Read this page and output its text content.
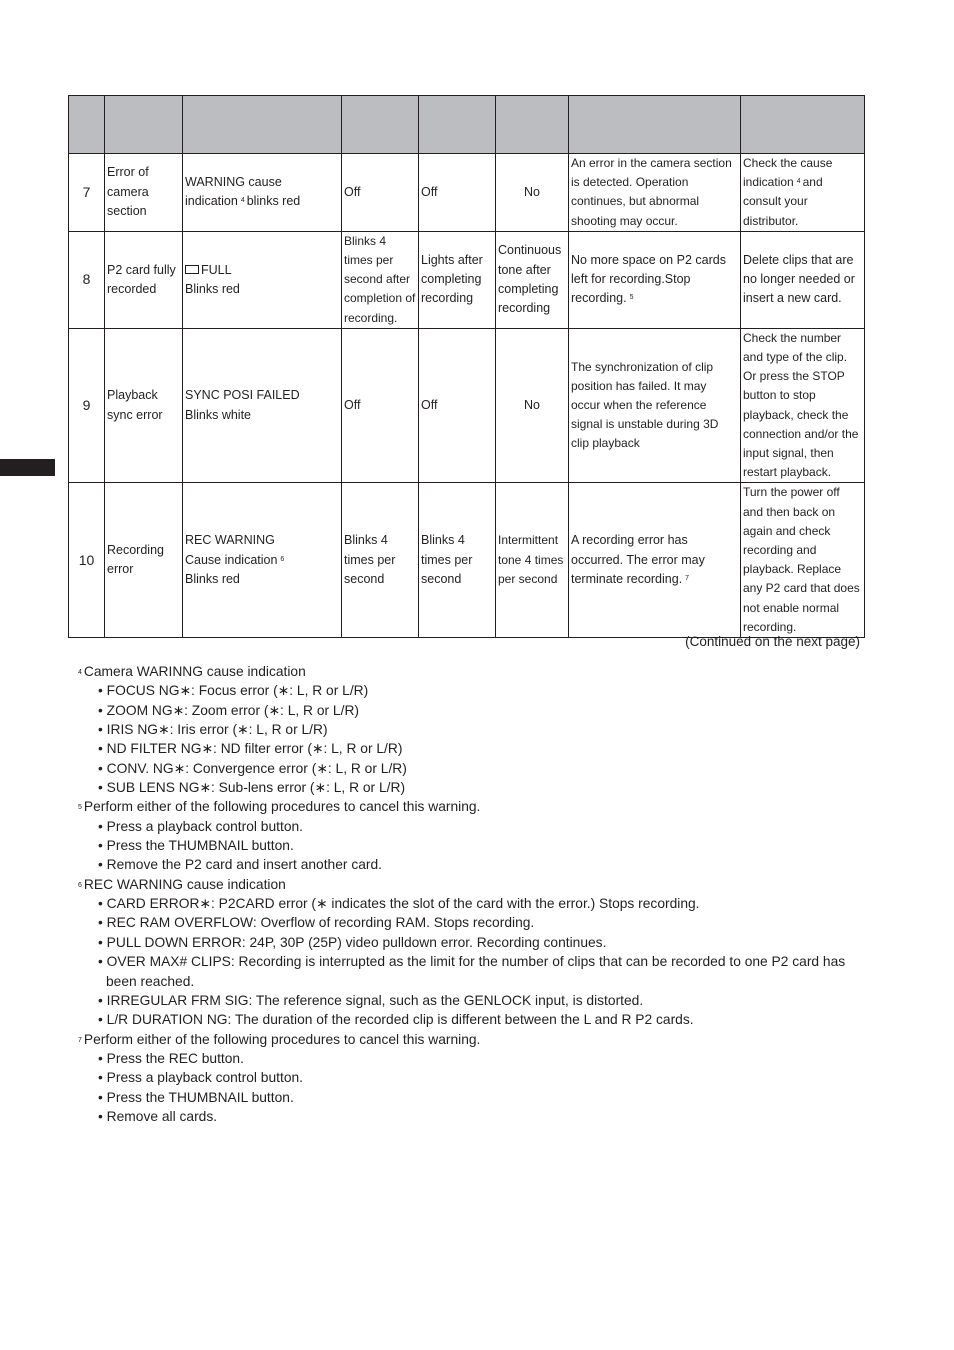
7	Error of
camera
section	WARNING cause
indication $^4$ blinks red	Off	Off	No	An error in the camera section is detected. Operation continues, but abnormal shooting may occur.	Check the cause indication $^4$ and consult your distributor.
8	P2 card fully
recorded	FULL
Blinks red	Blinks 4 times per second after completion of recording.	Lights after completing recording	Continuous tone after completing recording	No more space on P2 cards left for recording.Stop recording. $^5$	Delete clips that are no longer needed or insert a new card.
9	Playback
sync error	SYNC POSI FAILED
Blinks white	Off	Off	No	The synchronization of clip position has failed. It may occur when the reference signal is unstable during 3D clip playback	Check the number and type of the clip. Or press the STOP button to stop playback, check the connection and/or the input signal, then restart playback.
10	Recording
error	REC WARNING
Cause indication $^6$
Blinks red	Blinks 4 times per second	Blinks 4 times per second	Intermittent tone 4 times per second	A recording error has occurred. The error may terminate recording. $^7$	Turn the power off and then back on again and check recording and playback. Replace any P2 card that does not enable normal recording.
(Continued on the next page)
$^4$ Camera WARINNG cause indication
• FOCUS NG∗: Focus error (∗: L, R or L/R)
• ZOOM NG∗: Zoom error (∗: L, R or L/R)
• IRIS NG∗: Iris error (∗: L, R or L/R)
• ND FILTER NG∗: ND filter error (∗: L, R or L/R)
• CONV. NG∗: Convergence error (∗: L, R or L/R)
• SUB LENS NG∗: Sub-lens error (∗: L, R or L/R)
$^5$ Perform either of the following procedures to cancel this warning.
• Press a playback control button.
• Press the THUMBNAIL button.
• Remove the P2 card and insert another card.
$^6$ REC WARNING cause indication
• CARD ERROR∗: P2CARD error (∗ indicates the slot of the card with the error.) Stops recording.
• REC RAM OVERFLOW: Overflow of recording RAM. Stops recording.
• PULL DOWN ERROR: 24P, 30P (25P) video pulldown error. Recording continues.
• OVER MAX# CLIPS: Recording is interrupted as the limit for the number of clips that can be recorded to one P2 card has been reached.
• IRREGULAR FRM SIG: The reference signal, such as the GENLOCK input, is distorted.
• L/R DURATION NG: The duration of the recorded clip is different between the L and R P2 cards.
$^7$ Perform either of the following procedures to cancel this warning.
• Press the REC button.
• Press a playback control button.
• Press the THUMBNAIL button.
• Remove all cards.
